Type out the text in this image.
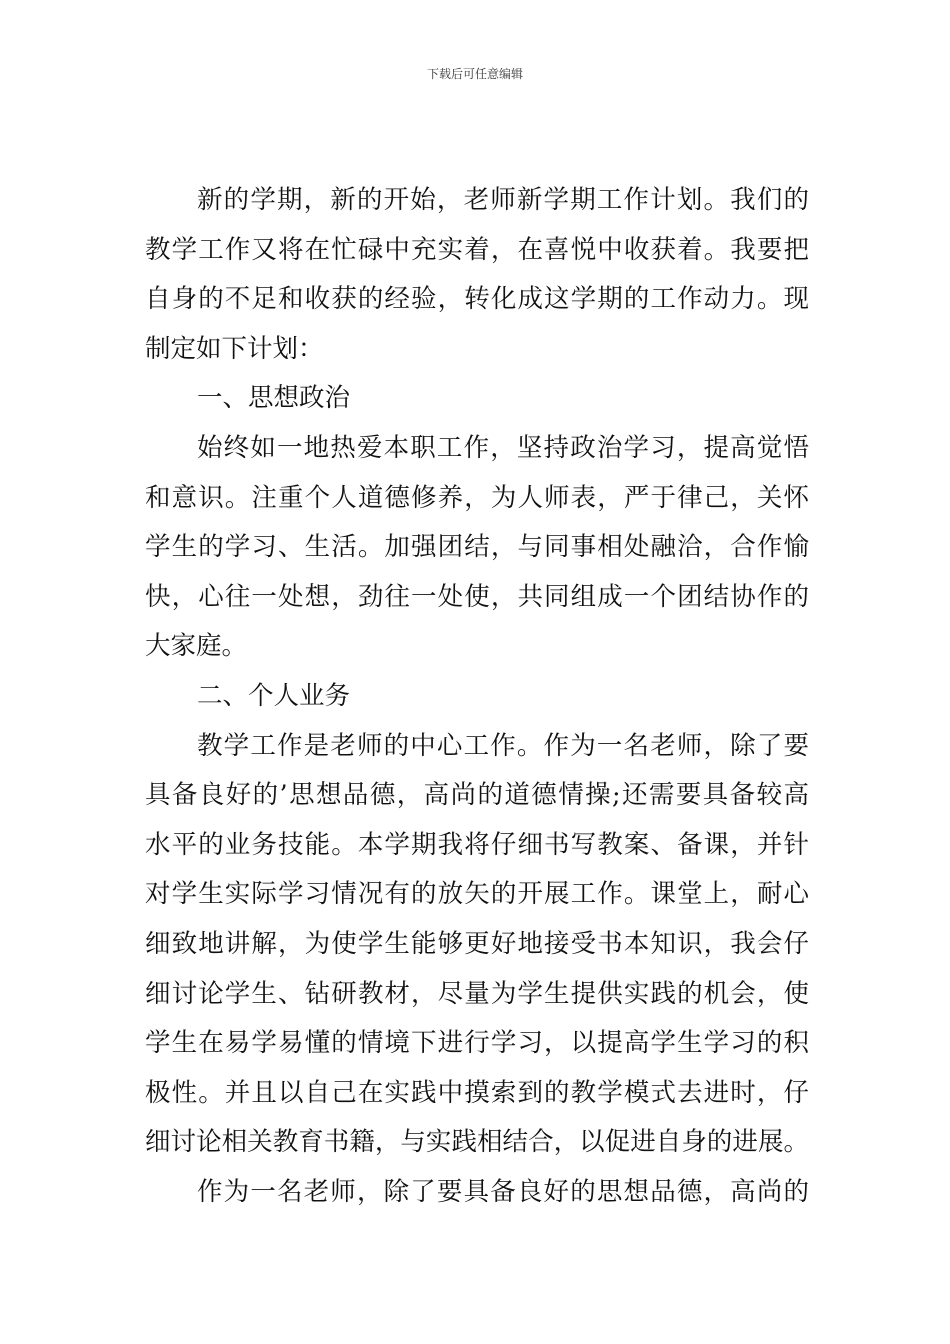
下载后可任意编辑
新的学期，新的开始，老师新学期工作计划。我们的
教学工作又将在忙碌中充实着，在喜悦中收获着。我要把
自身的不足和收获的经验，转化成这学期的工作动力。现
制定如下计划：
一、思想政治
始终如一地热爱本职工作，坚持政治学习，提高觉悟
和意识。注重个人道德修养，为人师表，严于律己，关怀
学生的学习、生活。加强团结，与同事相处融洽，合作愉
快，心往一处想，劲往一处使，共同组成一个团结协作的
大家庭。
二、个人业务
教学工作是老师的中心工作。作为一名老师，除了要
具备良好的’思想品德，高尚的道德情操;还需要具备较高
水平的业务技能。本学期我将仔细书写教案、备课，并针
对学生实际学习情况有的放矢的开展工作。课堂上，耐心
细致地讲解，为使学生能够更好地接受书本知识，我会仔
细讨论学生、钻研教材，尽量为学生提供实践的机会，使
学生在易学易懂的情境下进行学习，以提高学生学习的积
极性。并且以自己在实践中摸索到的教学模式去进时，仔
细讨论相关教育书籍，与实践相结合，以促进自身的进展。
作为一名老师，除了要具备良好的思想品德，高尚的
